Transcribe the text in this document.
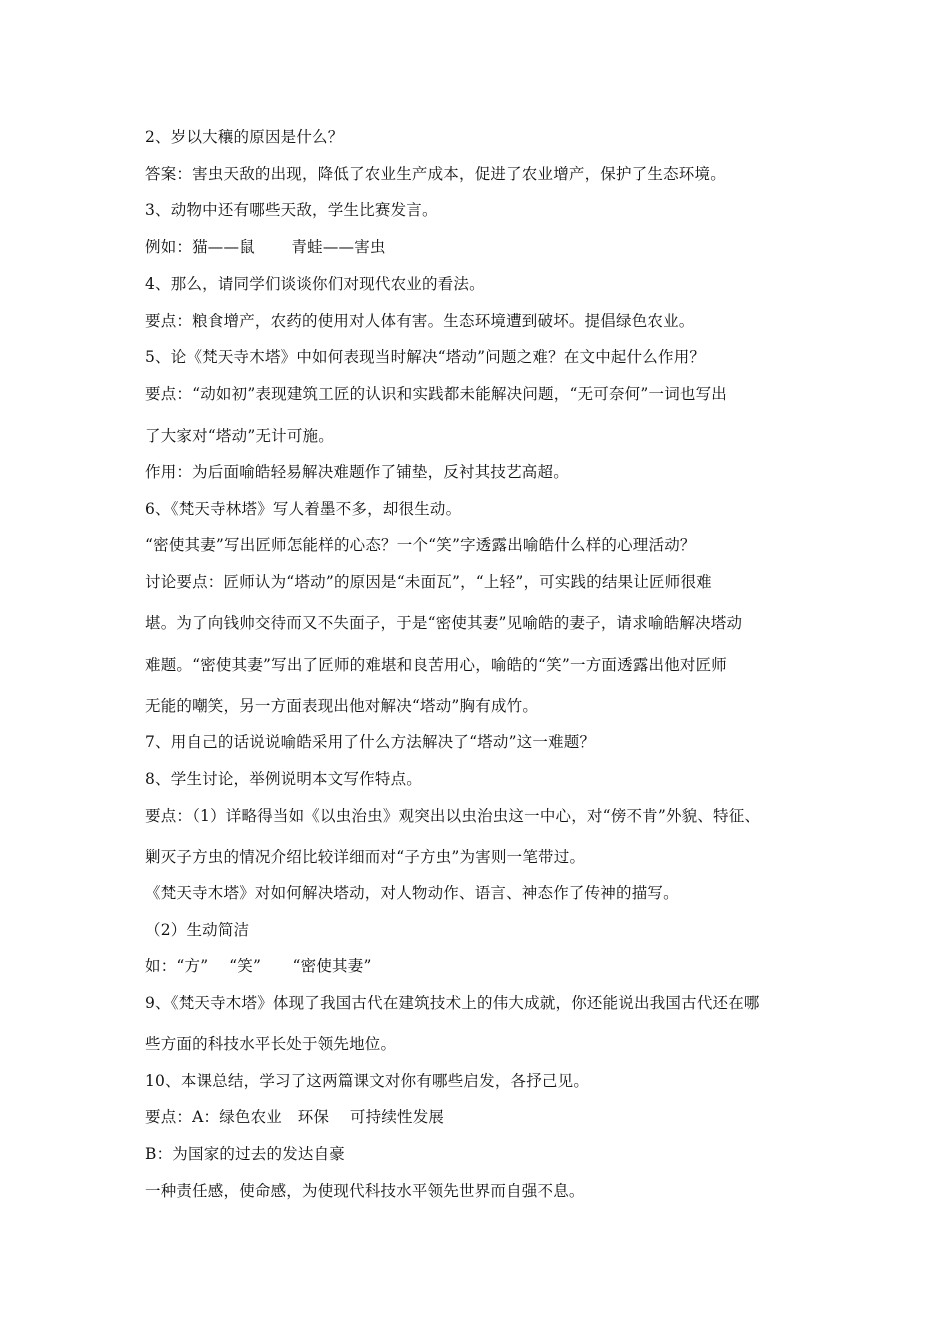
2、岁以大穰的原因是什么？
答案：害虫天敌的出现，降低了农业生产成本，促进了农业增产，保护了生态环境。
3、动物中还有哪些天敌，学生比赛发言。
例如：猫——鼠　　 青蛙——害虫
4、那么，请同学们谈谈你们对现代农业的看法。
要点：粮食增产，农药的使用对人体有害。生态环境遭到破坏。提倡绿色农业。
5、论《梵天寺木塔》中如何表现当时解决“塔动”问题之难？在文中起什么作用？
要点：“动如初”表现建筑工匠的认识和实践都未能解决问题，“无可奈何”一词也写出
了大家对“塔动”无计可施。
作用：为后面喻皓轻易解决难题作了铺垫，反衬其技艺高超。
6、《梵天寺林塔》写人着墨不多，却很生动。
“密使其妻”写出匠师怎能样的心态？一个“笑”字透露出喻皓什么样的心理活动？
讨论要点：匠师认为“塔动”的原因是“未面瓦”，“上轻”，可实践的结果让匠师很难
堪。为了向钱帅交待而又不失面子，于是“密使其妻”见喻皓的妻子，请求喻皓解决塔动
难题。“密使其妻”写出了匠师的难堪和良苦用心，喻皓的“笑”一方面透露出他对匠师
无能的嘲笑，另一方面表现出他对解决“塔动”胸有成竹。
7、用自己的话说说喻皓采用了什么方法解决了“塔动”这一难题？
8、学生讨论，举例说明本文写作特点。
要点：（1）详略得当如《以虫治虫》观突出以虫治虫这一中心，对“傍不肯”外貌、特征、
剿灭子方虫的情况介绍比较详细而对“子方虫”为害则一笔带过。
《梵天寺木塔》对如何解决塔动，对人物动作、语言、神态作了传神的描写。
（2）生动简洁
如：“方”　 “笑”　　“密使其妻”
9、《梵天寺木塔》体现了我国古代在建筑技术上的伟大成就，你还能说出我国古代还在哪
些方面的科技水平长处于领先地位。
10、本课总结，学习了这两篇课文对你有哪些启发，各抒己见。
要点：A：绿色农业　环保　 可持续性发展
B：为国家的过去的发达自豪
一种责任感，使命感，为使现代科技水平领先世界而自强不息。
